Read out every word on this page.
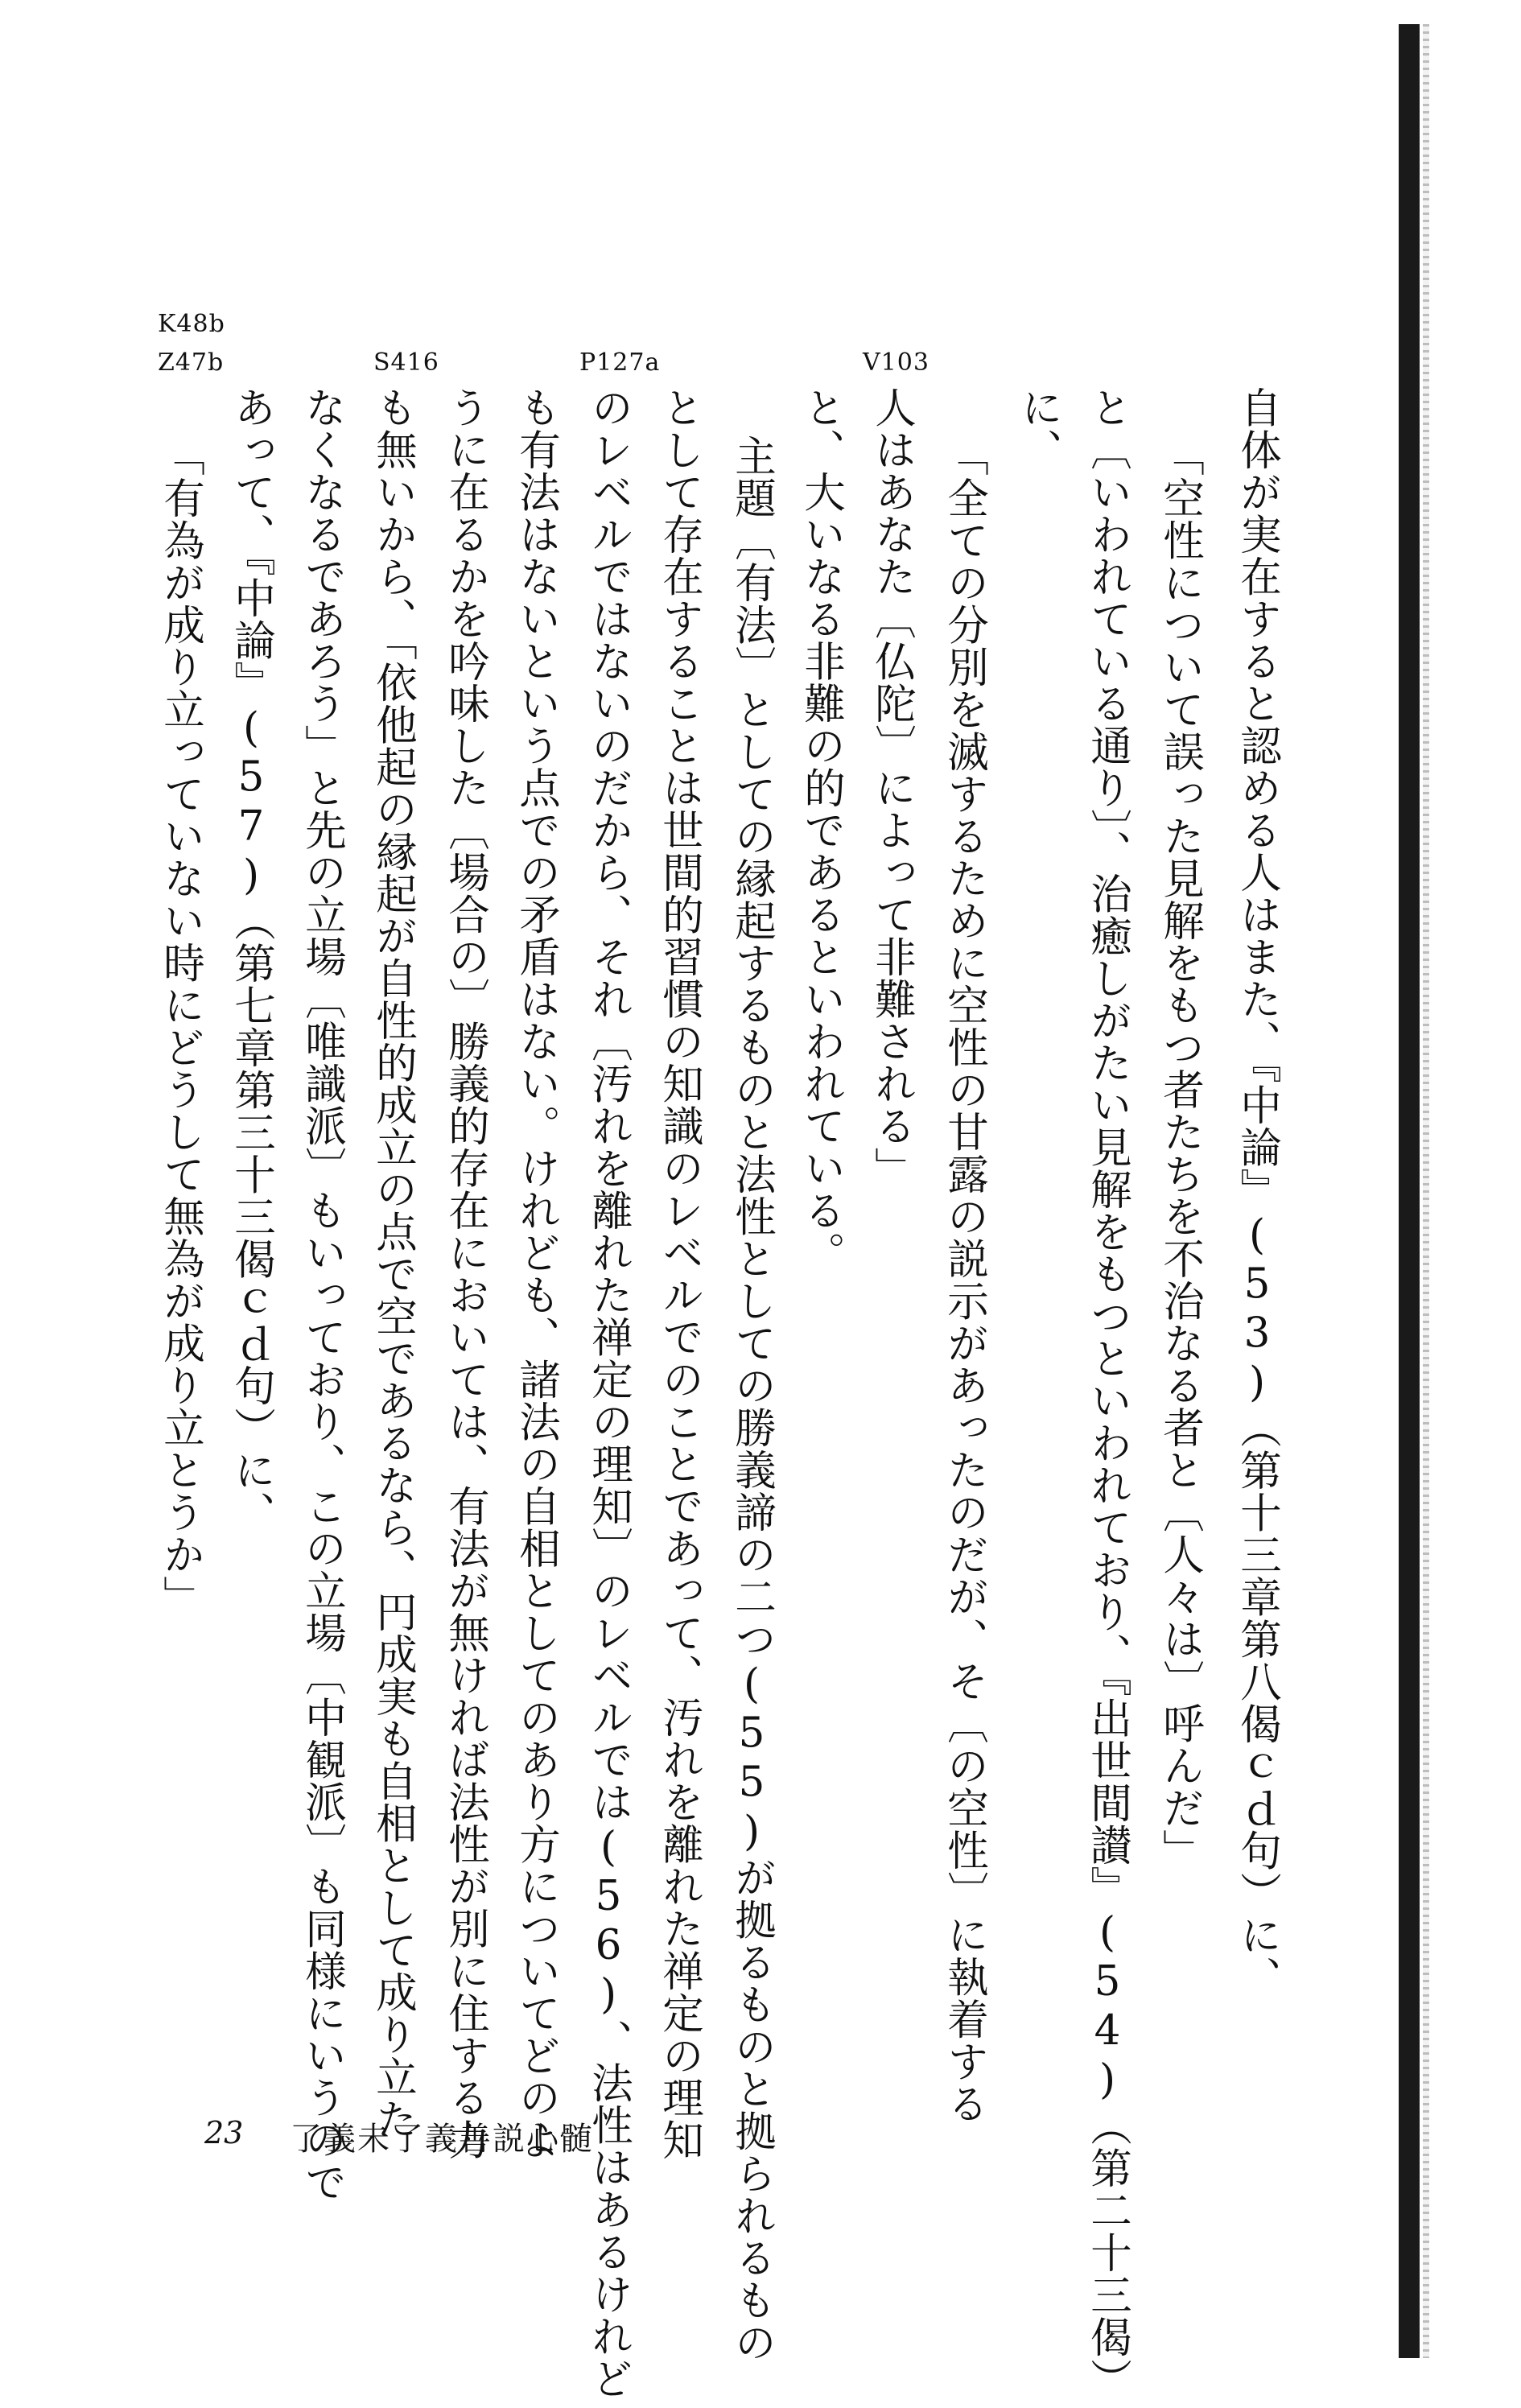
K48b
Z47b	S416	P127a	V103
自体が実在すると認める人はまた、『中論』(53)（第十三章第八偈ｃｄ句）に、
「空性について誤った見解をもつ者たちを不治なる者と〔人々は〕呼んだ」
と〔いわれている通り〕、治癒しがたい見解をもつといわれており、『出世間讃』(54)（第二十三偈）
に、
「全ての分別を滅するために空性の甘露の説示があったのだが、そ〔の空性〕に執着する
人はあなた〔仏陀〕によって非難される」
と、大いなる非難の的であるといわれている。
主題〔有法〕としての縁起するものと法性としての勝義諦の二つ(55)が拠るものと拠られるもの
として存在することは世間的習慣の知識のレベルでのことであって、汚れを離れた禅定の理知
のレベルではないのだから、それ〔汚れを離れた禅定の理知〕のレベルでは(56)、法性はあるけれど
も有法はないという点での矛盾はない。けれども、諸法の自相としてのあり方についてどのよ
うに在るかを吟味した〔場合の〕勝義的存在においては、有法が無ければ法性が別に住する力
も無いから、「依他起の縁起が自性的成立の点で空であるなら、円成実も自相として成り立た
なくなるであろう」と先の立場〔唯識派〕もいっており、この立場〔中観派〕も同様にいうので
あって、『中論』(57)（第七章第三十三偈ｃｄ句）に、
「有為が成り立っていない時にどうして無為が成り立とうか」
23 了義未了義善説心髄
